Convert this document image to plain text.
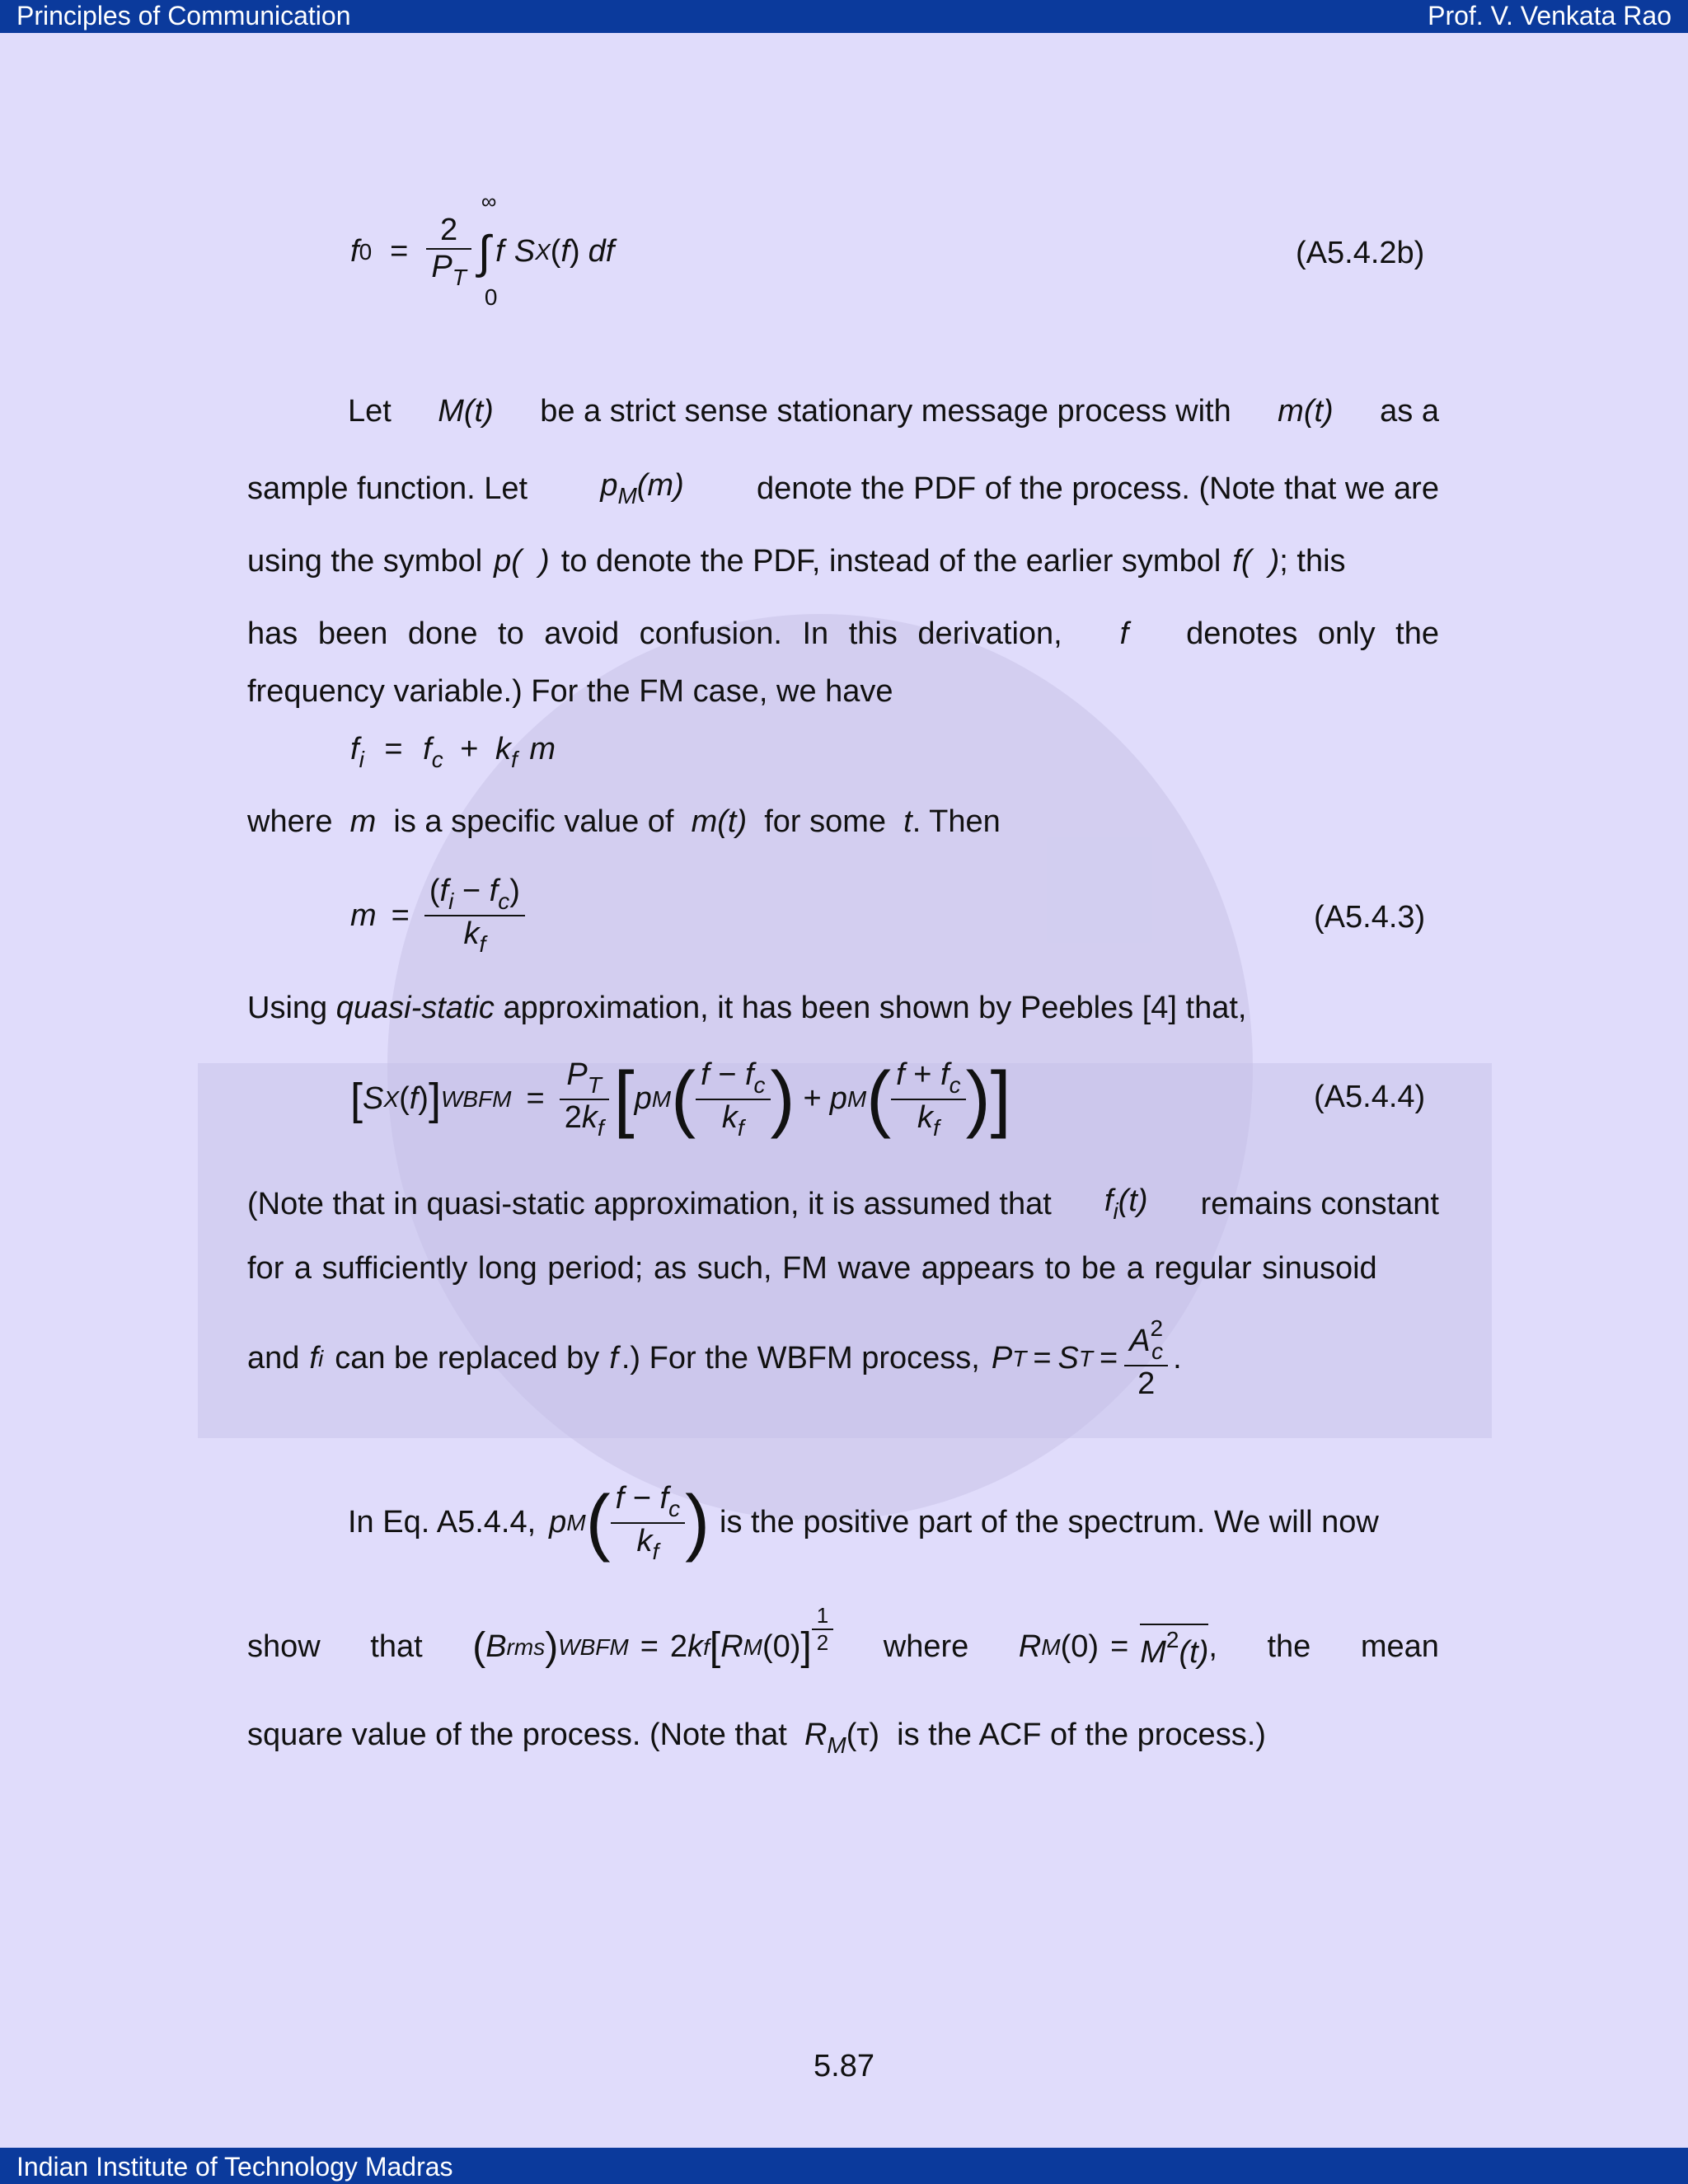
Principles of Communication	Prof. V. Venkata Rao
f $0 = \frac{2}{P_T}$
∞
∫
0
f S X ( f ) df	(A5.4.2b)
Let M(t) be a strict sense stationary message process with m(t) as a
sample function. Let $p_M(m)$ denote the PDF of the process. (Note that we are
using the symbol p(  ) to denote the PDF, instead of the earlier symbol f(  ) ; this
has been done to avoid confusion. In this derivation, f denotes only the
frequency variable.) For the FM case, we have
$f_i = f_c + k_f$ m
where  m  is a specific value of  m(t)  for some  t. Then
$m = \frac{(f_i - f_c)}{k_f}$	(A5.4.3)
Using quasi-static approximation, it has been shown by Peebles [4] that,
[ S X ( f ) ] WBFM = $\frac{P_T}{2k_f}$ [ p M ( $\frac{f - f_c}{k_f}$ ) + p M ( $\frac{f + f_c}{k_f}$ ) ]	(A5.4.4)
(Note that in quasi-static approximation, it is assumed that $f_i(t)$ remains constant
for a sufficiently long period; as such, FM wave appears to be a regular sinusoid
and f i can be replaced by f .) For the WBFM process, P T = S $T = \frac{A^2_c}{2}$ .
In Eq. A5.4.4, p M ( $\frac{f - f_c}{k_f}$ ) is the positive part of the spectrum. We will now
show that ( B rms ) WBFM = 2 k f [ R M (0) ] $\frac{1}{2}$ where R M $(0) = M^2(t)$ , the mean
square value of the process. (Note that  $R_M(\tau)$  is the ACF of the process.)
5.87
Indian Institute of Technology Madras
